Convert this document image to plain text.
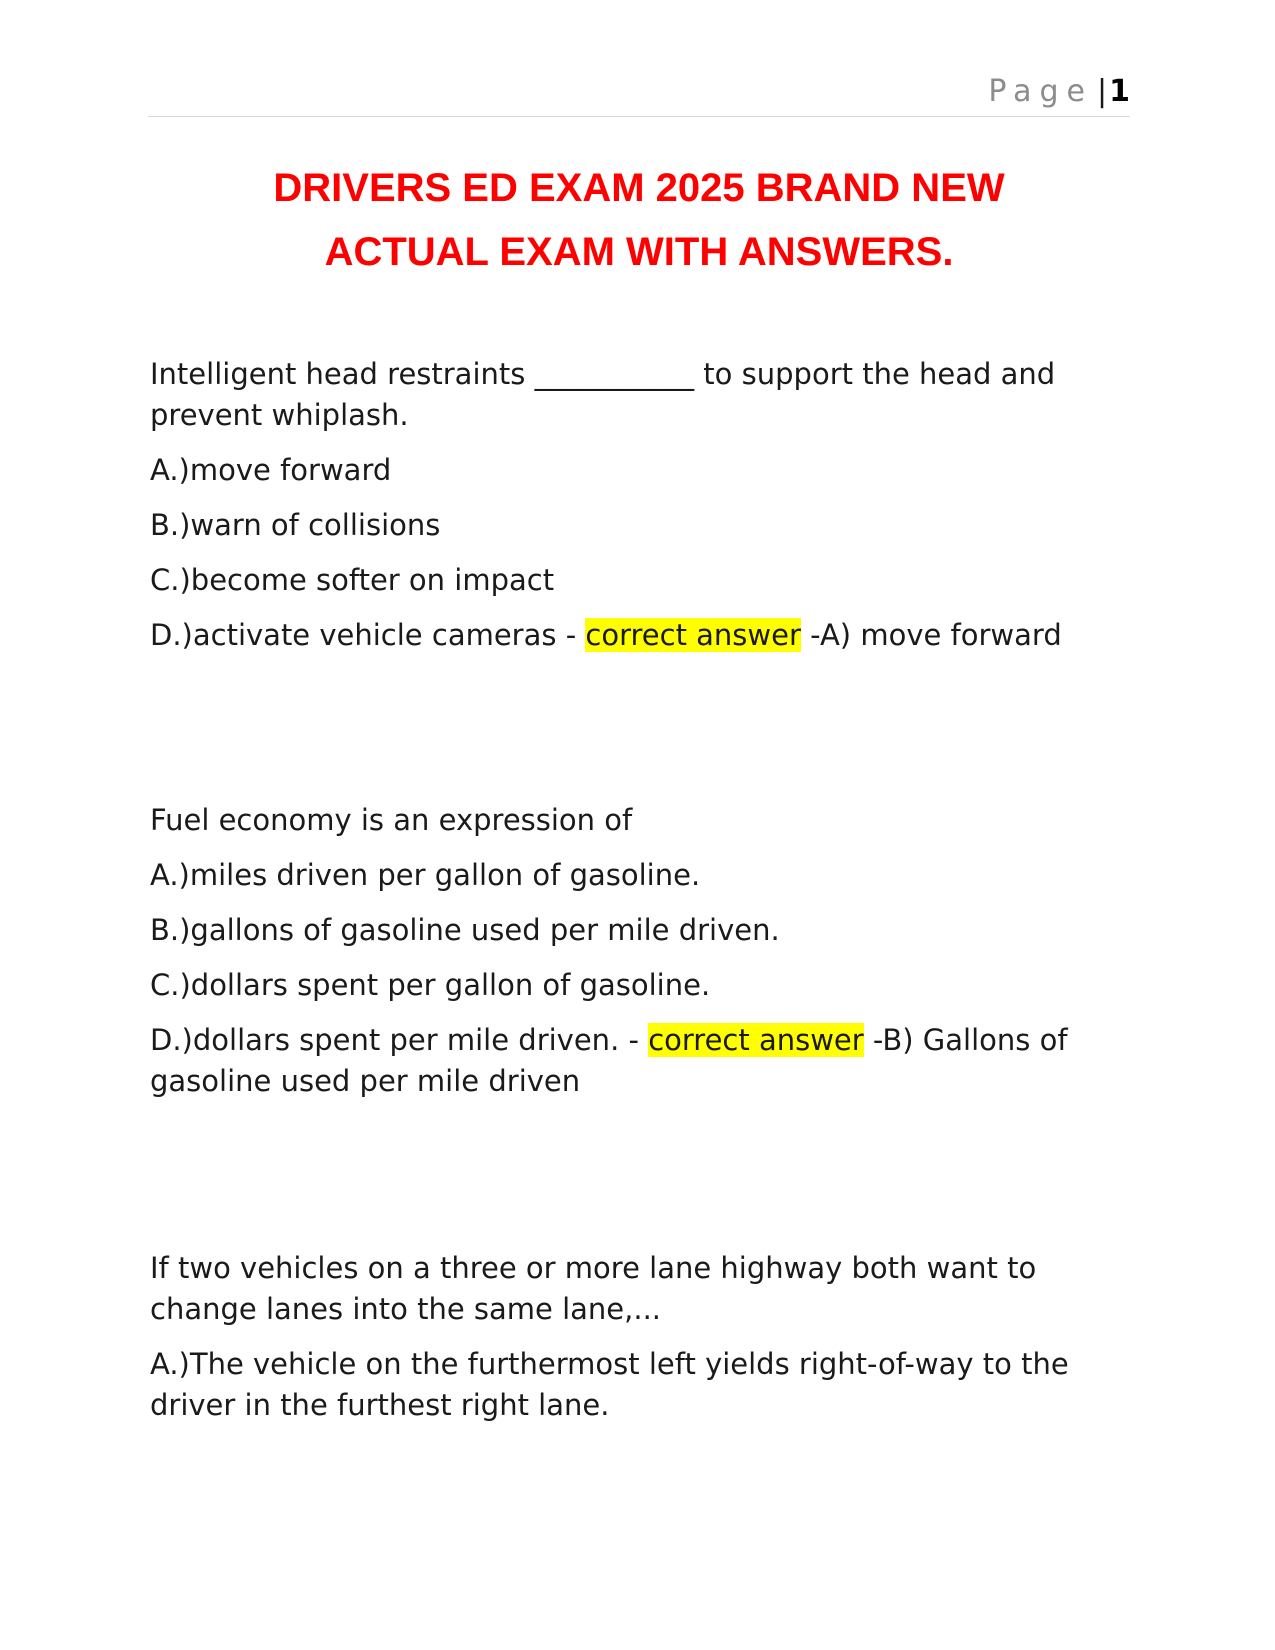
Page |1
DRIVERS ED EXAM 2025 BRAND NEW
ACTUAL EXAM WITH ANSWERS.

Intelligent head restraints ___________ to support the head and prevent whiplash.

A.)move forward

B.)warn of collisions

C.)become softer on impact

D.)activate vehicle cameras - correct answer -A) move forward

Fuel economy is an expression of

A.)miles driven per gallon of gasoline.

B.)gallons of gasoline used per mile driven.

C.)dollars spent per gallon of gasoline.

D.)dollars spent per mile driven. - correct answer -B) Gallons of gasoline used per mile driven

If two vehicles on a three or more lane highway both want to change lanes into the same lane,...

A.)The vehicle on the furthermost left yields right-of-way to the driver in the furthest right lane.
